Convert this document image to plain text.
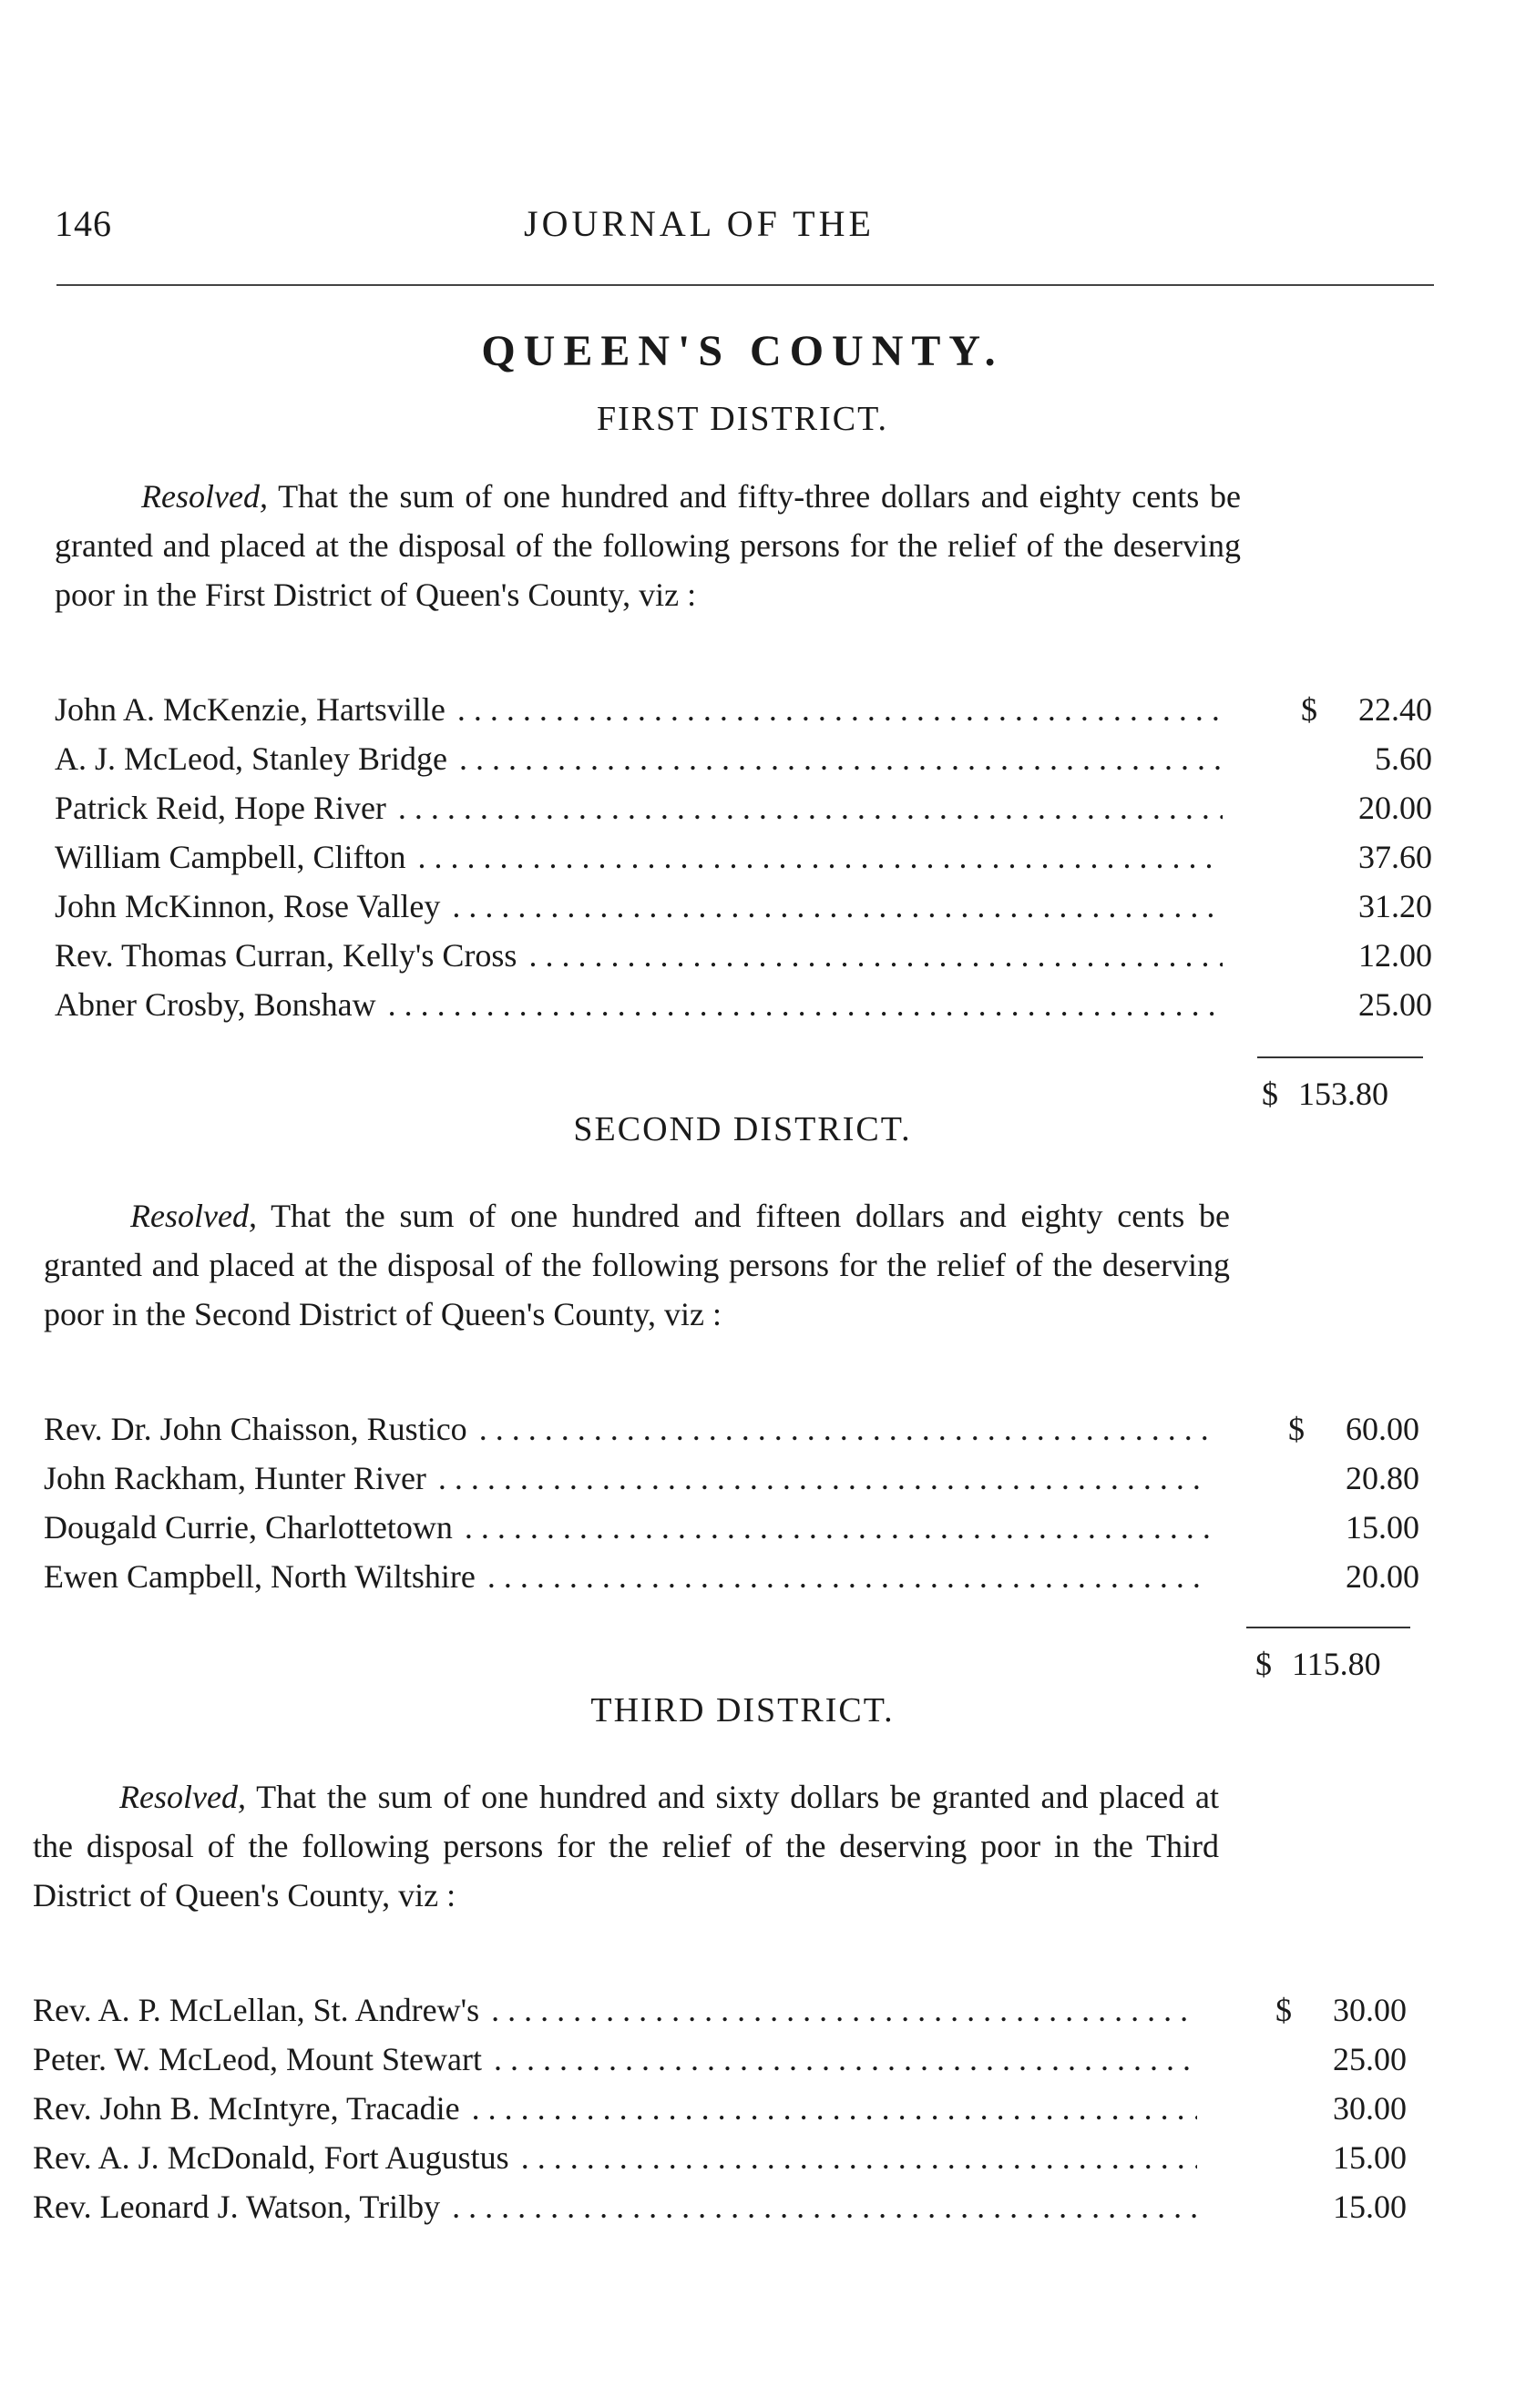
146	JOURNAL OF THE
QUEEN'S COUNTY.
FIRST DISTRICT.

Resolved, That the sum of one hundred and fifty-three dollars and eighty cents be granted and placed at the disposal of the following persons for the relief of the deserving poor in the First District of Queen's County, viz :

John A. McKenzie, Hartsville . . .	$ 22.40
A. J. McLeod, Stanley Bridge . . .	5.60
Patrick Reid, Hope River . . .	20.00
William Campbell, Clifton . . .	37.60
John McKinnon, Rose Valley . . .	31.20
Rev. Thomas Curran, Kelly's Cross . . .	12.00
Abner Crosby, Bonshaw . . .	25.00
$ 153.80
SECOND DISTRICT.

Resolved, That the sum of one hundred and fifteen dollars and eighty cents be granted and placed at the disposal of the following persons for the relief of the deserving poor in the Second District of Queen's County, viz :

Rev. Dr. John Chaisson, Rustico . . .	$ 60.00
John Rackham, Hunter River . . .	20.80
Dougald Currie, Charlottetown . . .	15.00
Ewen Campbell, North Wiltshire . . .	20.00
$ 115.80
THIRD DISTRICT.

Resolved, That the sum of one hundred and sixty dollars be granted and placed at the disposal of the following persons for the relief of the deserving poor in the Third District of Queen's County, viz :

Rev. A. P. McLellan, St. Andrew's . . .	$ 30.00
Peter. W. McLeod, Mount Stewart . . .	25.00
Rev. John B. McIntyre, Tracadie . . .	30.00
Rev. A. J. McDonald, Fort Augustus . . .	15.00
Rev. Leonard J. Watson, Trilby . . .	15.00
